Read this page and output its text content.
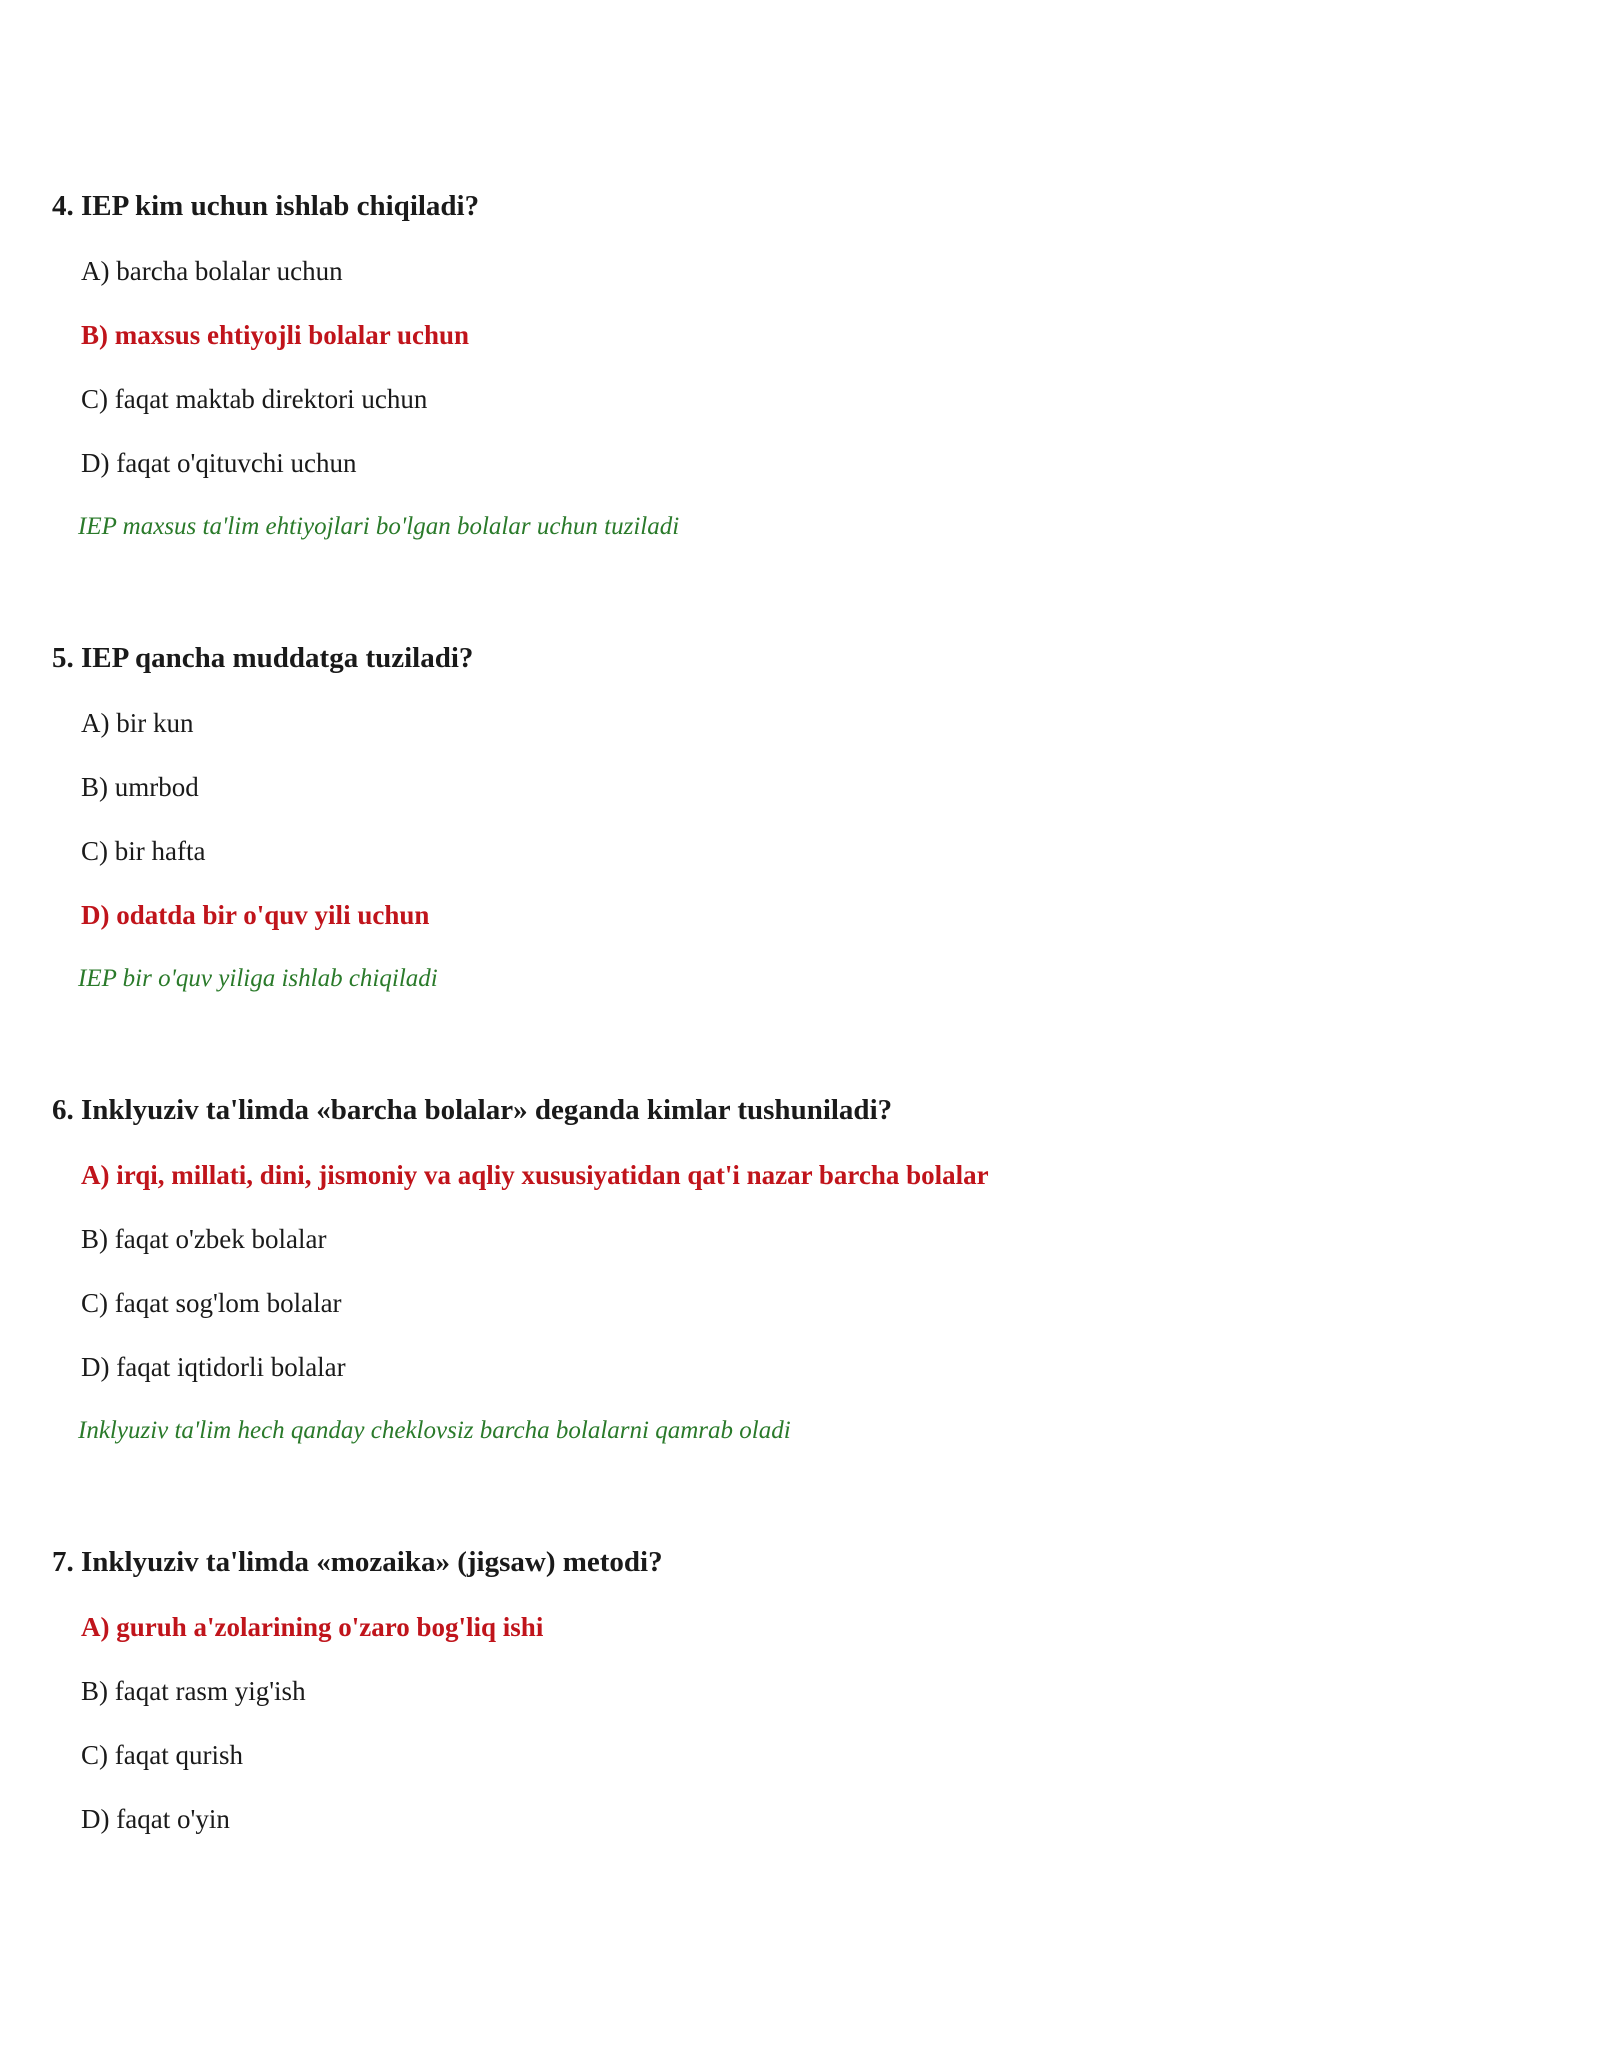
4. IEP kim uchun ishlab chiqiladi?
A) barcha bolalar uchun
B) maxsus ehtiyojli bolalar uchun
C) faqat maktab direktori uchun
D) faqat o'qituvchi uchun
IEP maxsus ta'lim ehtiyojlari bo'lgan bolalar uchun tuziladi
5. IEP qancha muddatga tuziladi?
A) bir kun
B) umrbod
C) bir hafta
D) odatda bir o'quv yili uchun
IEP bir o'quv yiliga ishlab chiqiladi
6. Inklyuziv ta'limda «barcha bolalar» deganda kimlar tushuniladi?
A) irqi, millati, dini, jismoniy va aqliy xususiyatidan qat'i nazar barcha bolalar
B) faqat o'zbek bolalar
C) faqat sog'lom bolalar
D) faqat iqtidorli bolalar
Inklyuziv ta'lim hech qanday cheklovsiz barcha bolalarni qamrab oladi
7. Inklyuziv ta'limda «mozaika» (jigsaw) metodi?
A) guruh a'zolarining o'zaro bog'liq ishi
B) faqat rasm yig'ish
C) faqat qurish
D) faqat o'yin
